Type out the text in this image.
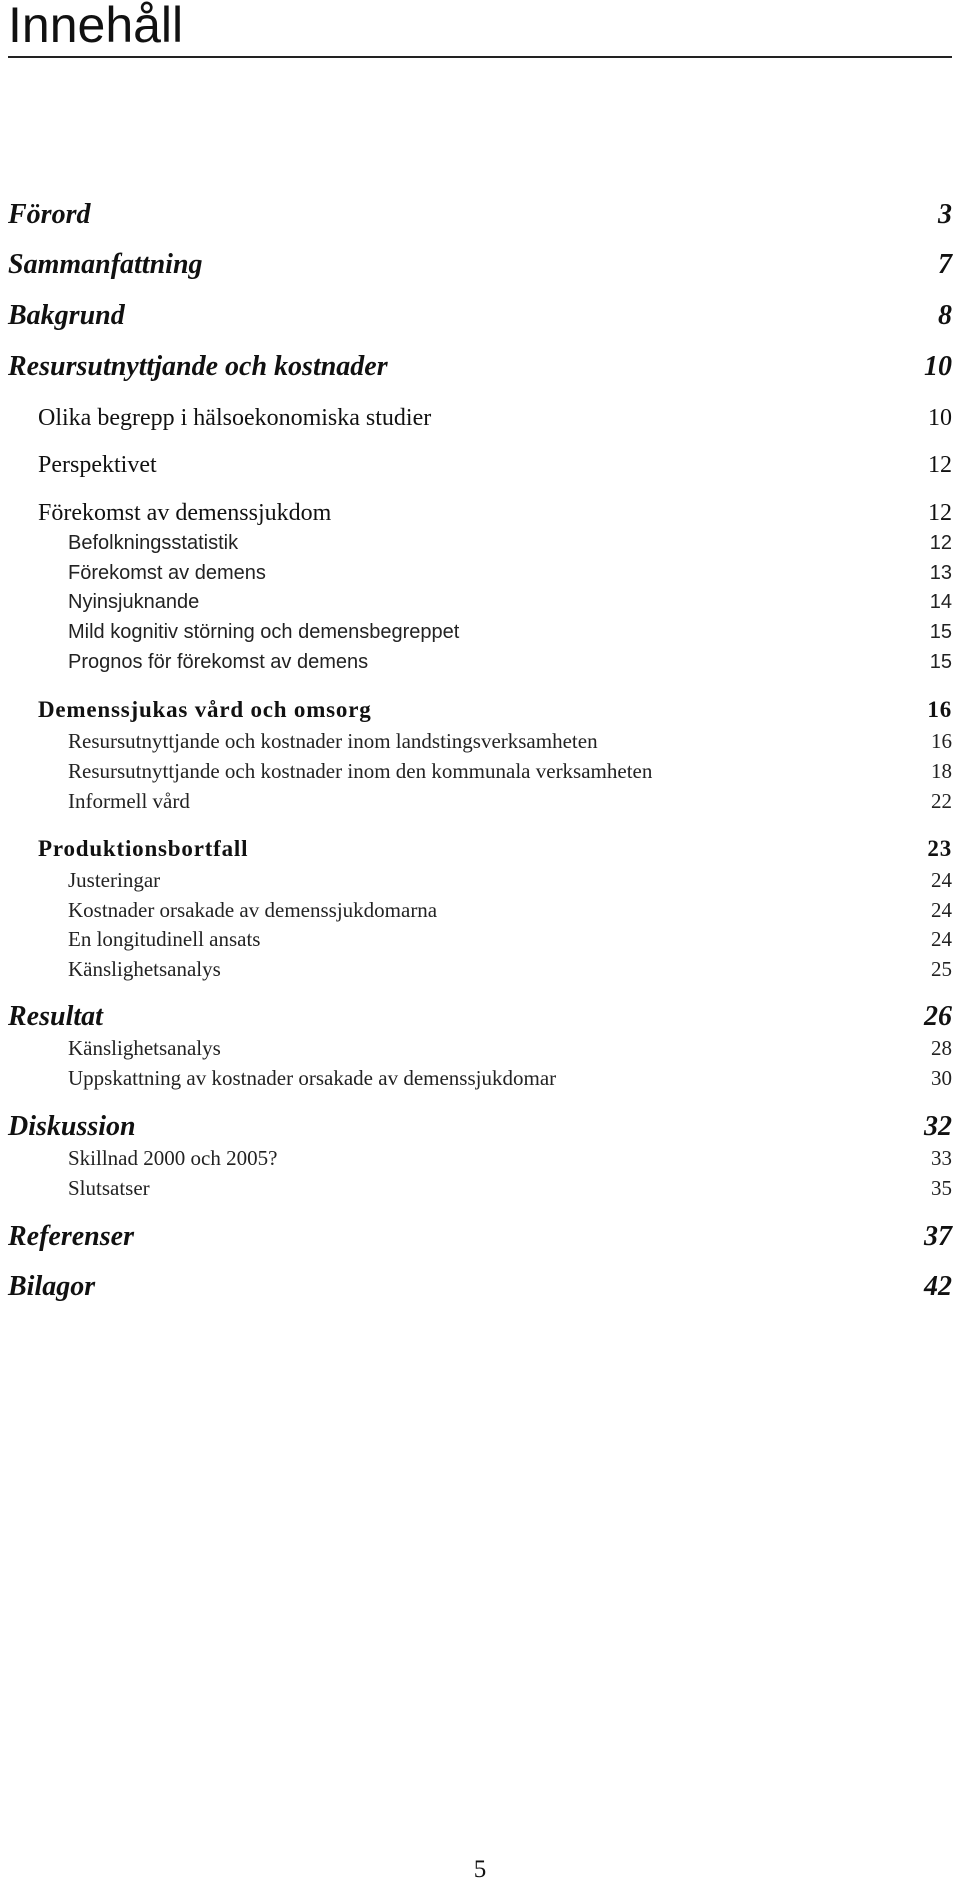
Innehåll
Förord	3
Sammanfattning	7
Bakgrund	8
Resursutnyttjande och kostnader	10
Olika begrepp i hälsoekonomiska studier	10
Perspektivet	12
Förekomst av demenssjukdom	12
Befolkningsstatistik	12
Förekomst av demens	13
Nyinsjuknande	14
Mild kognitiv störning och demensbegreppet	15
Prognos för förekomst av demens	15
Demenssjukas vård och omsorg	16
Resursutnyttjande och kostnader inom landstingsverksamheten	16
Resursutnyttjande och kostnader inom den kommunala verksamheten	18
Informell vård	22
Produktionsbortfall	23
Justeringar	24
Kostnader orsakade av demenssjukdomarna	24
En longitudinell ansats	24
Känslighetsanalys	25
Resultat	26
Känslighetsanalys	28
Uppskattning av kostnader orsakade av demenssjukdomar	30
Diskussion	32
Skillnad 2000 och 2005?	33
Slutsatser	35
Referenser	37
Bilagor	42
5
